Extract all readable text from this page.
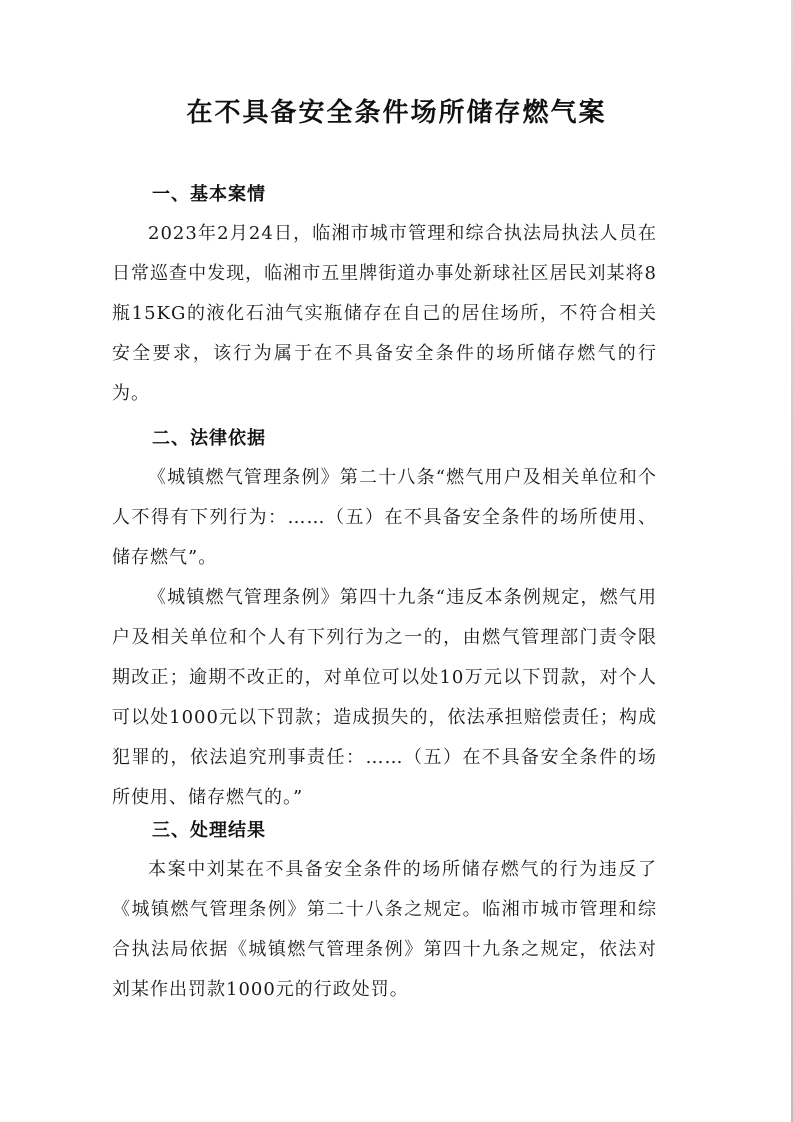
在不具备安全条件场所储存燃气案
一、基本案情

2023年2月24日，临湘市城市管理和综合执法局执法人员在日常巡查中发现，临湘市五里牌街道办事处新球社区居民刘某将8瓶15KG的液化石油气实瓶储存在自己的居住场所，不符合相关安全要求，该行为属于在不具备安全条件的场所储存燃气的行为。

二、法律依据

《城镇燃气管理条例》第二十八条“燃气用户及相关单位和个人不得有下列行为：……（五）在不具备安全条件的场所使用、储存燃气”。

《城镇燃气管理条例》第四十九条“违反本条例规定，燃气用户及相关单位和个人有下列行为之一的，由燃气管理部门责令限期改正；逾期不改正的，对单位可以处10万元以下罚款，对个人可以处1000元以下罚款；造成损失的，依法承担赔偿责任；构成犯罪的，依法追究刑事责任：……（五）在不具备安全条件的场所使用、储存燃气的。”

三、处理结果

本案中刘某在不具备安全条件的场所储存燃气的行为违反了《城镇燃气管理条例》第二十八条之规定。临湘市城市管理和综合执法局依据《城镇燃气管理条例》第四十九条之规定，依法对刘某作出罚款1000元的行政处罚。
